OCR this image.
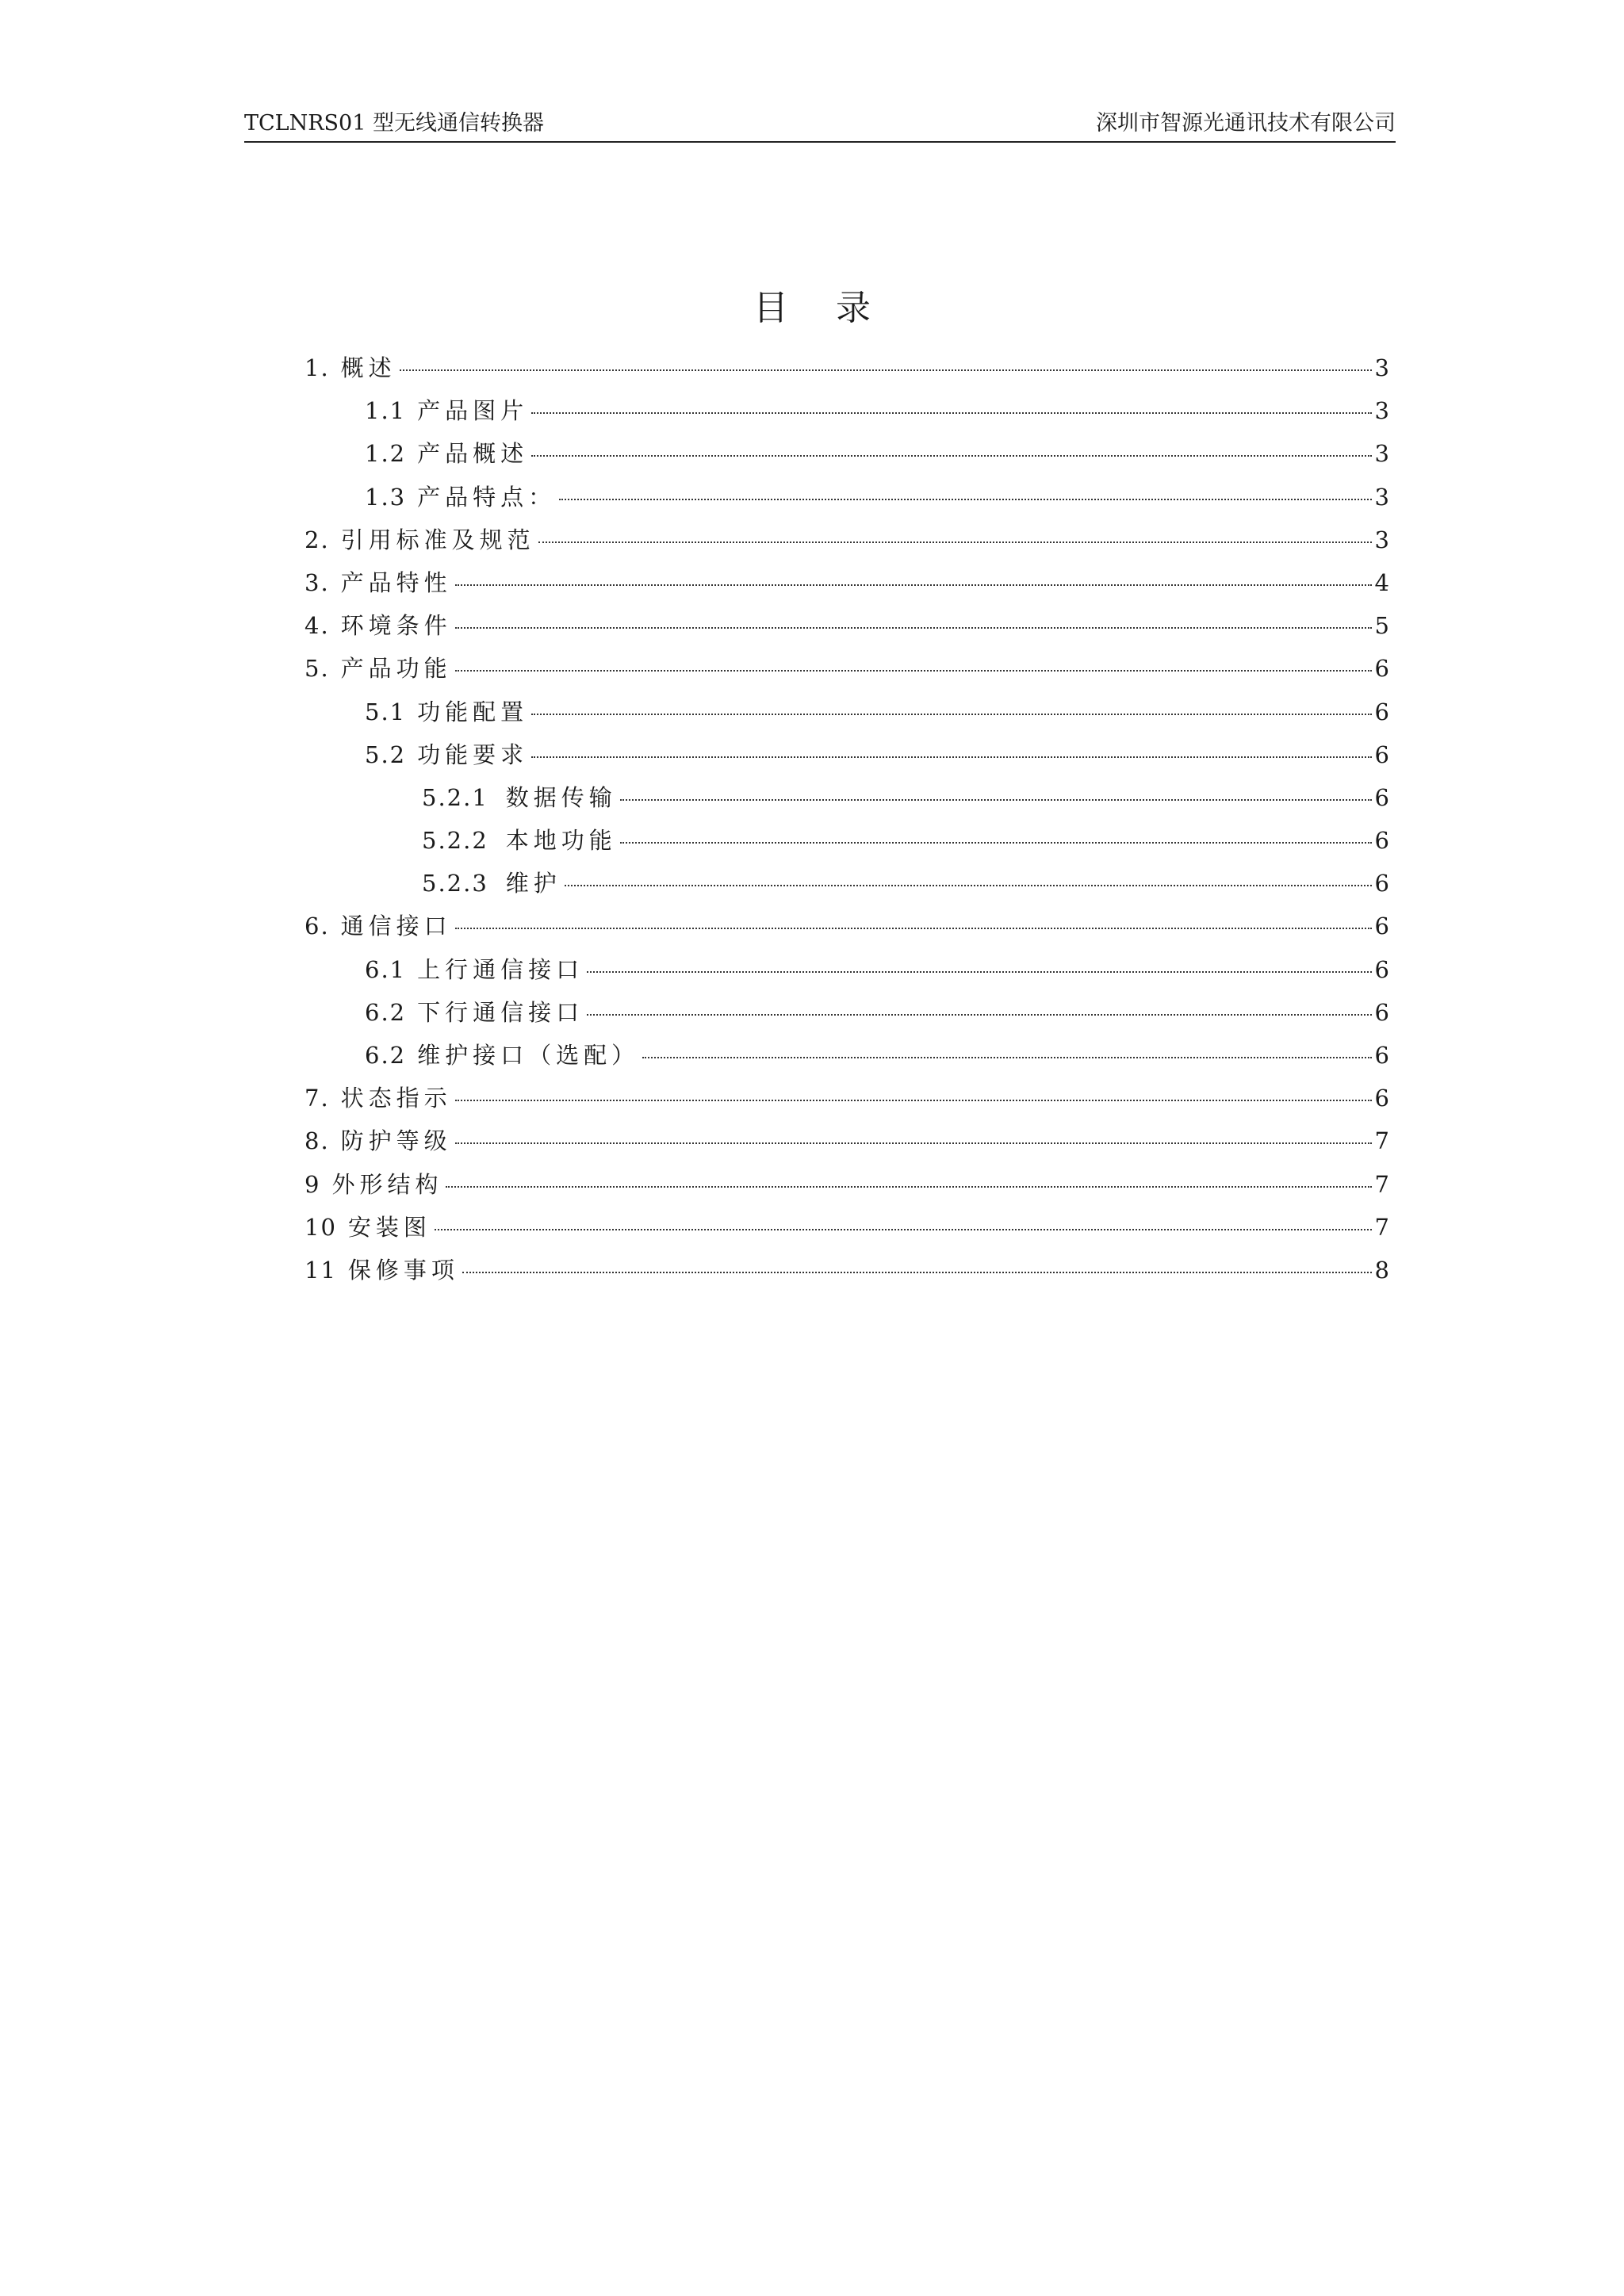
TCLNRS01 型无线通信转换器	深圳市智源光通讯技术有限公司
目录
1. 概述	3
1.1 产品图片	3
1.2 产品概述	3
1.3 产品特点：	3
2. 引用标准及规范	3
3. 产品特性	4
4. 环境条件	5
5. 产品功能	6
5.1 功能配置	6
5.2 功能要求	6
5.2.1 数据传输	6
5.2.2 本地功能	6
5.2.3 维护	6
6. 通信接口	6
6.1 上行通信接口	6
6.2 下行通信接口	6
6.2 维护接口（选配）	6
7. 状态指示	6
8. 防护等级	7
9 外形结构	7
10 安装图	7
11 保修事项	8
